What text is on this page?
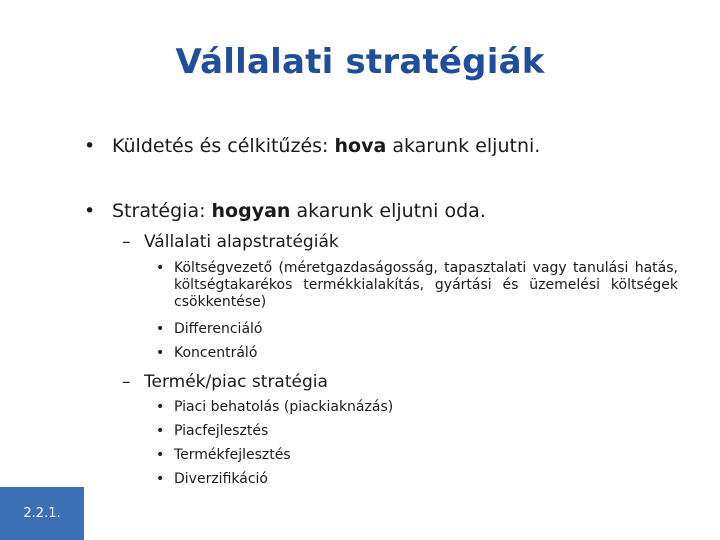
Vállalati stratégiák
• Küldetés és célkitűzés: hova akarunk eljutni.
• Stratégia: hogyan akarunk eljutni oda.
– Vállalati alapstratégiák
• Költségvezető (méretgazdaságosság, tapasztalati vagy tanulási hatás, költségtakarékos termékkialakítás, gyártási és üzemelési költségek csökkentése)
• Differenciáló
• Koncentráló
– Termék/piac stratégia
• Piaci behatolás (piackiaknázás)
• Piacfejlesztés
• Termékfejlesztés
• Diverzifikáció
2.2.1.
